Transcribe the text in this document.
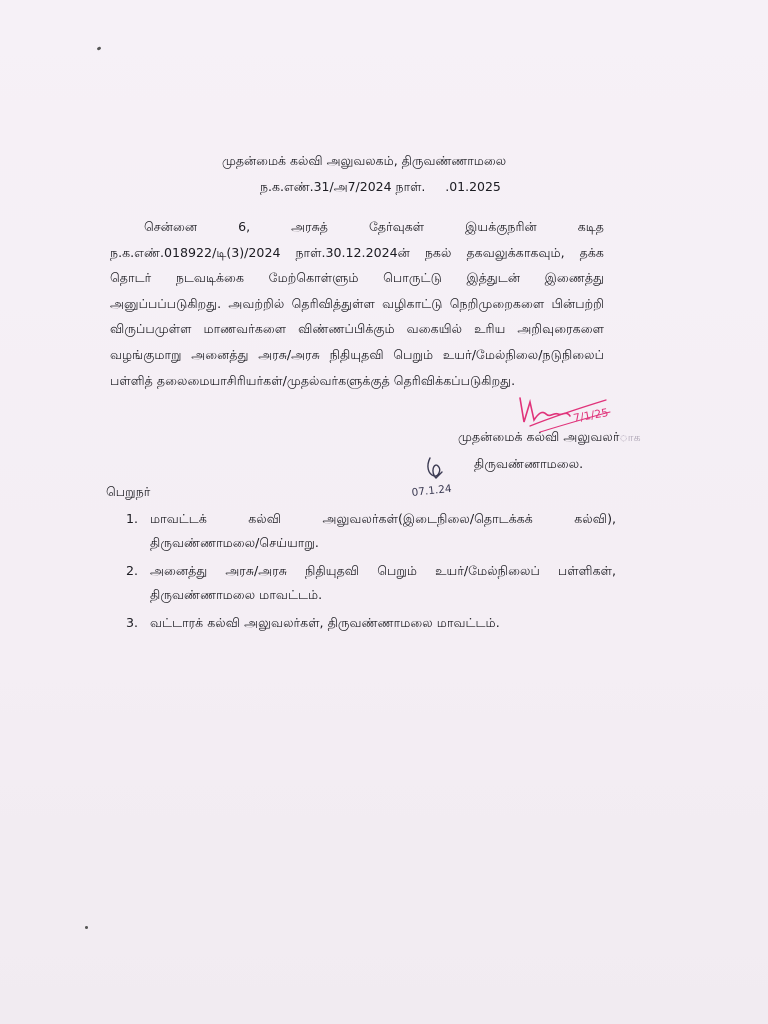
முதன்மைக் கல்வி அலுவலகம், திருவண்ணாமலை
ந.க.எண்.31/அ7/2024 நாள்.     .01.2025
சென்னை 6, அரசுத் தேர்வுகள் இயக்குநரின் கடித
ந.க.எண்.018922/டி(3)/2024 நாள்.30.12.2024ன் நகல் தகவலுக்காகவும், தக்க
தொடர் நடவடிக்கை மேற்கொள்ளும் பொருட்டு இத்துடன் இணைத்து
அனுப்பப்படுகிறது. அவற்றில் தெரிவித்துள்ள வழிகாட்டு நெறிமுறைகளை பின்பற்றி
விருப்பமுள்ள மாணவர்களை விண்ணப்பிக்கும் வகையில் உரிய அறிவுரைகளை
வழங்குமாறு அனைத்து அரசு/அரசு நிதியுதவி பெறும் உயர்/மேல்நிலை/நடுநிலைப்
பள்ளித் தலைமையாசிரியர்கள்/முதல்வர்களுக்குத் தெரிவிக்கப்படுகிறது.
7/1/25
முதன்மைக் கல்வி அலுவலர்ாக
திருவண்ணாமலை.
07.1.24
பெறுநர்
1. மாவட்டக் கல்வி அலுவலர்கள்(இடைநிலை/தொடக்கக் கல்வி),
திருவண்ணாமலை/செய்யாறு.
2. அனைத்து அரசு/அரசு நிதியுதவி பெறும் உயர்/மேல்நிலைப் பள்ளிகள்,
திருவண்ணாமலை மாவட்டம்.
3. வட்டாரக் கல்வி அலுவலர்கள், திருவண்ணாமலை மாவட்டம்.
